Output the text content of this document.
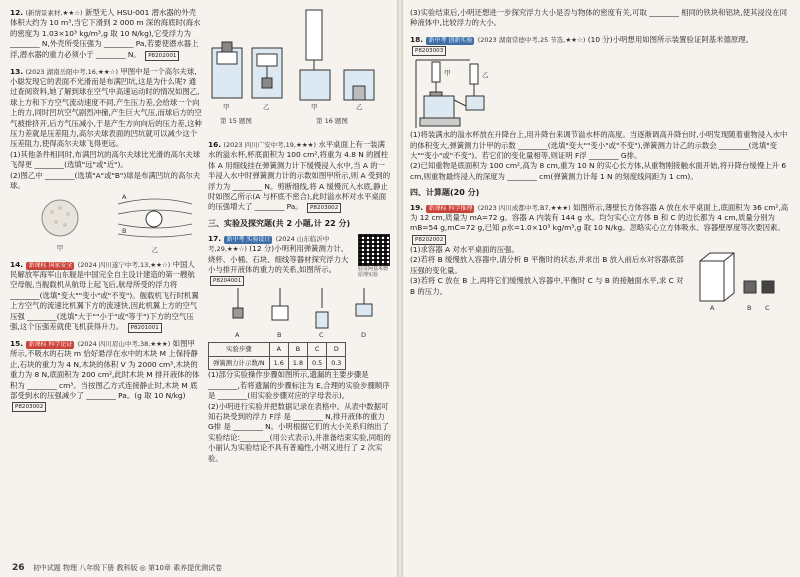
12. (新情景素材,★★☆) 新型无人 HSU-001 潜水器的外壳体积大约为 10 m³,当它下滑到 2 000 m 深的海底时(海水的密度为 1.03×10³ kg/m³,g 取 10 N/kg),它受浮力为 ________ N,外壳所受压强为 ________ Pa,若要使潜水器上浮,潜水器的重力必须小于 ________ N。 P8202001

13. (2023 湖南岳阳中考,16,★★☆) 甲图中是一个高尔夫球,小聪发现它的表面不光滑而是布满凹坑,这是为什么呢? 通过查阅资料,她了解到球在空气中高速运动时的情况如图乙,球上方和下方空气流动速度不同,产生压力差,会给球一个向上的力,同时凹坑空气剧烈冲撞,产生巨大气压,而球后方的空气被排挤开,后方气压减小,于是产生方向向后的压力差,这种压力差就是压差阻力,高尔夫球表面的凹坑就可以减少这个压差阻力,使得高尔夫球飞得更远。

(1)其他条件相同时,布满凹坑的高尔夫球比光滑的高尔夫球飞得更 ________(选填"远"或"近")。

(2)图乙中 ________(选填"A"或"B")球是布满凹坑的高尔夫球。

甲
A
B
乙

14. 新课标 国家安全 (2024 四川遂宁中考,13,★★☆) 中国人民解放军海军山东舰是中国完全自主设计建造的第一艘航空母舰,当舰载机从航母上起飞后,航母所受的浮力将 ________(选填"变大""变小"或"不变")。舰载机飞行时机翼上方空气的流速比机翼下方的流速快,因此机翼上方的空气压强 ________(选填"大于""小于"或"等于")下方的空气压强,这个压强差就使飞机获得升力。 P8201001

15. 新课标 科学论证 (2024 四川眉山中考,38,★★★) 如图甲所示,不吸水的石块 m 恰好悬浮在水中的木块 M 上保持静止,石块的重力为 4 N,木块的体积 V 为 2000 cm³,木块的重力为 8 N,底面积为 200 cm²,此时木块 M 排开液体的体积为 ________ cm³。当按图乙方式连接静止时,木块 M 底部受到水的压强减少了 ________ Pa。(g 取 10 N/kg) P8203002

甲	乙	甲	乙
第 15 题图	第 16 题图

16. (2023 四川广安中考,19,★★★) 水平桌面上有一装满水的溢水杯,杯底面积为 100 cm²,将重为 4.8 N 的圆柱体 A 用细线挂在弹簧测力计下缓慢浸入水中,当 A 的一半浸入水中时弹簧测力计的示数如图甲所示,则 A 受到的浮力为 ________ N。剪断细线,将 A 缓慢沉入水底,静止时如图乙所示(A 与杯底不密合),此时溢水杯对水平桌面的压强增大了 ________ Pa。 P8203002

三、实验及探究题(共 2 小题,计 22 分)

17. 新中考 实验设计 (2024 山东临沂中考,29,★★☆) (12 分)小明利用弹簧测力计、烧杯、小桶、石块、细线等器材探究浮力大小与排开液体的重力的关系,如图所示。 P8204001

验证阿基米德原理实验
A	B	C	D
实验步骤	A	B	C	D
弹簧测力计示数/N	1.6	1.8	0.5	0.3

(1)部分实验操作步骤如图所示,遗漏的主要步骤是 ________,若将遗漏的步骤标注为 E,合理的实验步骤顺序是 ________(用实验步骤对应的字母表示)。

(2)小明进行实验并把数据记录在表格中。从表中数据可知石块受到的浮力 F浮 是 ________ N,排开液体的重力 G排 是 ________ N。小明根据它们的大小关系归纳出了实验结论:________(用公式表示),并准备结束实验,同组的小丽认为实验结论不具有普遍性,小明又进行了 2 次实验。

26 初中试题 物理 八年级下册 教科版 ◎ 第10章 素养提优测试卷

(3)实验结束后,小明还想进一步探究浮力大小是否与物体的密度有关,可取 ________ 相同的铁块和铝块,使其浸没在同种液体中,比较浮力的大小。

18. 新中考 创新实验 (2023 湖南常德中考,25 节选,★★☆) (10 分)小明想用如图所示装置验证阿基米德原理。 P8203003

甲	乙

(1)将装满水的溢水杯放在升降台上,用升降台来调节溢水杯的高度。当逐渐调高升降台时,小明发现随着重物浸入水中的体积变大,弹簧测力计甲的示数 ________(选填"变大""变小"或"不变"),弹簧测力计乙的示数会 ________(选填"变大""变小"或"不变")。若它们的变化量相等,则证明 F浮 ________ G排。

(2)已知重物是底面积为 100 cm²,高为 8 cm,重为 10 N 的实心长方体,从重物刚接触水面开始,将升降台缓慢上升 6 cm,则重物最终浸入的深度为 ________ cm(弹簧测力计每 1 N 的刻度线间距为 1 cm)。

四、计算题(20 分)

19. 新课标 科学推理 (2023 四川成都中考,B7,★★★) 如图所示,薄壁长方体容器 A 放在水平桌面上,底面积为 36 cm²,高为 12 cm,质量为 mA=72 g。容器 A 内装有 144 g 水。均匀实心立方体 B 和 C 的边长都为 4 cm,质量分别为 mB=54 g,mC=72 g,已知 ρ水=1.0×10³ kg/m³,g 取 10 N/kg。忽略实心立方体吸水、容器壁厚度等次要因素。 P8202002

(1)求容器 A 对水平桌面的压强。

(2)若将 B 缓慢放入容器中,请分析 B 平衡时的状态,并求出 B 放入前后水对容器底部压强的变化量。

(3)若将 C 放在 B 上,再将它们缓慢放入容器中,平衡时 C 与 B 的接触面水平,求 C 对 B 的压力。

A	B C
